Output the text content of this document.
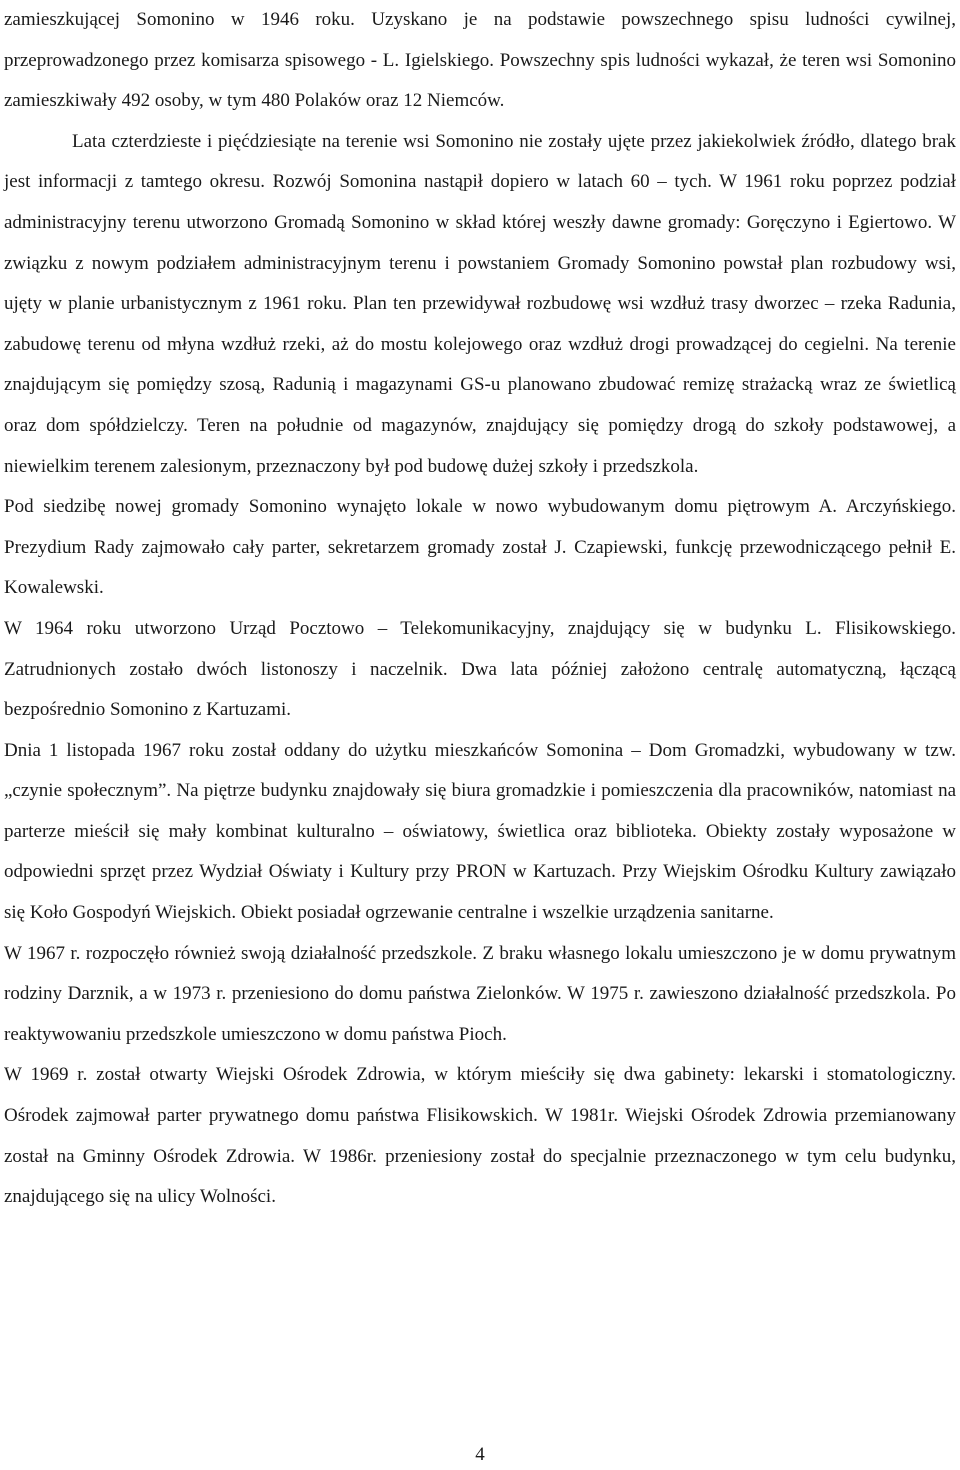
zamieszkującej Somonino w 1946 roku. Uzyskano je na podstawie powszechnego spisu ludności cywilnej, przeprowadzonego przez komisarza spisowego - L. Igielskiego. Powszechny spis ludności wykazał, że teren wsi Somonino zamieszkiwały 492 osoby, w tym 480 Polaków oraz 12 Niemców.

Lata czterdzieste i pięćdziesiąte na terenie wsi Somonino nie zostały ujęte przez jakiekolwiek źródło, dlatego brak jest informacji z tamtego okresu. Rozwój Somonina nastąpił dopiero w latach 60 – tych. W 1961 roku poprzez podział administracyjny terenu utworzono Gromadą Somonino w skład której weszły dawne gromady: Goręczyno i Egiertowo. W związku z nowym podziałem administracyjnym terenu i powstaniem Gromady Somonino powstał plan rozbudowy wsi, ujęty w planie urbanistycznym z 1961 roku. Plan ten przewidywał rozbudowę wsi wzdłuż trasy dworzec – rzeka Radunia, zabudowę terenu od młyna wzdłuż rzeki, aż do mostu kolejowego oraz wzdłuż drogi prowadzącej do cegielni. Na terenie znajdującym się pomiędzy szosą, Radunią i magazynami GS-u planowano zbudować remizę strażacką wraz ze świetlicą oraz dom spółdzielczy. Teren na południe od magazynów, znajdujący się pomiędzy drogą do szkoły podstawowej, a niewielkim terenem zalesionym, przeznaczony był pod budowę dużej szkoły i przedszkola.

Pod siedzibę nowej gromady Somonino wynajęto lokale w nowo wybudowanym domu piętrowym A. Arczyńskiego. Prezydium Rady zajmowało cały parter, sekretarzem gromady został J. Czapiewski, funkcję przewodniczącego pełnił E. Kowalewski.

W 1964 roku utworzono Urząd Pocztowo – Telekomunikacyjny, znajdujący się w budynku L. Flisikowskiego. Zatrudnionych zostało dwóch listonoszy i naczelnik. Dwa lata później założono centralę automatyczną, łączącą bezpośrednio Somonino z Kartuzami.

Dnia 1 listopada 1967 roku został oddany do użytku mieszkańców Somonina – Dom Gromadzki, wybudowany w tzw. „czynie społecznym”. Na piętrze budynku znajdowały się biura gromadzkie i pomieszczenia dla pracowników, natomiast na parterze mieścił się mały kombinat kulturalno – oświatowy, świetlica oraz biblioteka. Obiekty zostały wyposażone w odpowiedni sprzęt przez Wydział Oświaty i Kultury przy PRON w Kartuzach. Przy Wiejskim Ośrodku Kultury zawiązało się Koło Gospodyń Wiejskich. Obiekt posiadał ogrzewanie centralne i wszelkie urządzenia sanitarne.

W 1967 r. rozpoczęło również swoją działalność przedszkole. Z braku własnego lokalu umieszczono je w domu prywatnym rodziny Darznik, a w 1973 r. przeniesiono do domu państwa Zielonków. W 1975 r. zawieszono działalność przedszkola. Po reaktywowaniu przedszkole umieszczono w domu państwa Pioch.

W 1969 r. został otwarty Wiejski Ośrodek Zdrowia, w którym mieściły się dwa gabinety: lekarski i stomatologiczny. Ośrodek zajmował parter prywatnego domu państwa Flisikowskich. W 1981r. Wiejski Ośrodek Zdrowia przemianowany został na Gminny Ośrodek Zdrowia. W 1986r. przeniesiony został do specjalnie przeznaczonego w tym celu budynku, znajdującego się na ulicy Wolności.

4
